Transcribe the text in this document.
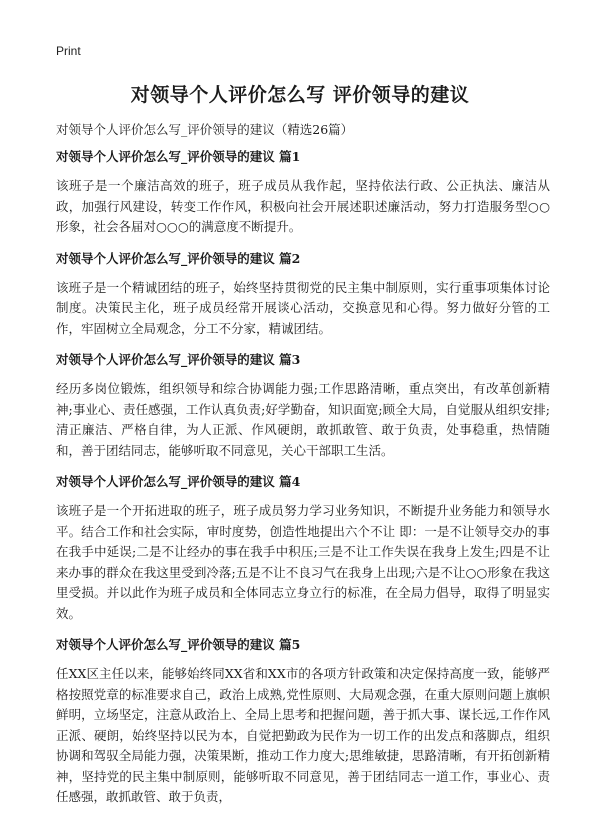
Print
对领导个人评价怎么写 评价领导的建议

对领导个人评价怎么写_评价领导的建议（精选26篇）

对领导个人评价怎么写_评价领导的建议 篇1

该班子是一个廉洁高效的班子，班子成员从我作起，坚持依法行政、公正执法、廉洁从政，加强行风建设，转变工作作风，积极向社会开展述职述廉活动，努力打造服务型○○形象，社会各届对○○○的满意度不断提升。

对领导个人评价怎么写_评价领导的建议 篇2

该班子是一个精诚团结的班子，始终坚持贯彻党的民主集中制原则，实行重事项集体讨论制度。决策民主化，班子成员经常开展谈心活动，交换意见和心得。努力做好分管的工作，牢固树立全局观念，分工不分家，精诚团结。

对领导个人评价怎么写_评价领导的建议 篇3

经历多岗位锻炼，组织领导和综合协调能力强;工作思路清晰，重点突出，有改革创新精神;事业心、责任感强，工作认真负责;好学勤奋，知识面宽;顾全大局，自觉服从组织安排;清正廉洁、严格自律，为人正派、作风硬朗，敢抓敢管、敢于负责，处事稳重，热情随和，善于团结同志，能够听取不同意见，关心干部职工生活。

对领导个人评价怎么写_评价领导的建议 篇4

该班子是一个开拓进取的班子，班子成员努力学习业务知识，不断提升业务能力和领导水平。结合工作和社会实际，审时度势，创造性地提出六个不让 即：一是不让领导交办的事在我手中延误;二是不让经办的事在我手中积压;三是不让工作失误在我身上发生;四是不让来办事的群众在我这里受到冷落;五是不让不良习气在我身上出现;六是不让○○形象在我这里受损。并以此作为班子成员和全体同志立身立行的标准，在全局力倡导，取得了明显实效。

对领导个人评价怎么写_评价领导的建议 篇5

任XX区主任以来，能够始终同XX省和XX市的各项方针政策和决定保持高度一致，能够严格按照党章的标准要求自己，政治上成熟,党性原则、大局观念强，在重大原则问题上旗帜鲜明，立场坚定，注意从政治上、全局上思考和把握问题，善于抓大事、谋长远,工作作风正派、硬朗，始终坚持以民为本，自觉把勤政为民作为一切工作的出发点和落脚点，组织协调和驾驭全局能力强，决策果断，推动工作力度大;思维敏捷，思路清晰，有开拓创新精神，坚持党的民主集中制原则，能够听取不同意见，善于团结同志一道工作，事业心、责任感强，敢抓敢管、敢于负责，
